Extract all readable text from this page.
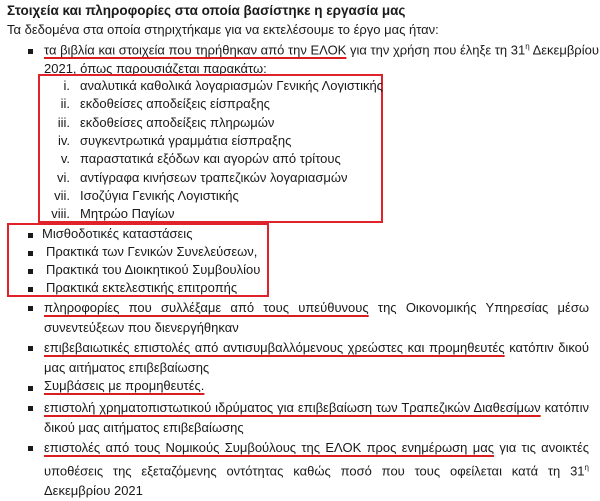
Στοιχεία και πληροφορίες στα οποία βασίστηκε η εργασία μας
Τα δεδομένα στα οποία στηριχτήκαμε για να εκτελέσουμε το έργο μας ήταν:
τα βιβλία και στοιχεία που τηρήθηκαν από την ΕΛΟΚ για την χρήση που έληξε τη $31^\eta$ Δεκεμβρίου
2021, όπως παρουσιάζεται παρακάτω:
i. αναλυτικά καθολικά λογαριασμών Γενικής Λογιστικής
ii. εκδοθείσες αποδείξεις είσπραξης
iii. εκδοθείσες αποδείξεις πληρωμών
iv. συγκεντρωτικά γραμμάτια είσπραξης
v. παραστατικά εξόδων και αγορών από τρίτους
vi. αντίγραφα κινήσεων τραπεζικών λογαριασμών
vii. Ισοζύγια Γενικής Λογιστικής
viii. Μητρώο Παγίων
Μισθοδοτικές καταστάσεις
Πρακτικά των Γενικών Συνελεύσεων,
Πρακτικά του Διοικητικού Συμβουλίου
Πρακτικά εκτελεστικής επιτροπής
πληροφορίες που συλλέξαμε από τους υπεύθυνους της Οικονομικής Υπηρεσίας μέσω συνεντεύξεων που διενεργήθηκαν
επιβεβαιωτικές επιστολές από αντισυμβαλλόμενους χρεώστες και προμηθευτές κατόπιν δικού μας αιτήματος επιβεβαίωσης
Συμβάσεις με προμηθευτές.
επιστολή χρηματοπιστωτικού ιδρύματος για επιβεβαίωση των Τραπεζικών Διαθεσίμων κατόπιν δικού μας αιτήματος επιβεβαίωσης
επιστολές από τους Νομικούς Συμβούλους της ΕΛΟΚ προς ενημέρωση μας για τις ανοικτές υποθέσεις της εξεταζόμενης οντότητας καθώς ποσό που τους οφείλεται κατά τη $31^\eta$ Δεκεμβρίου 2021
